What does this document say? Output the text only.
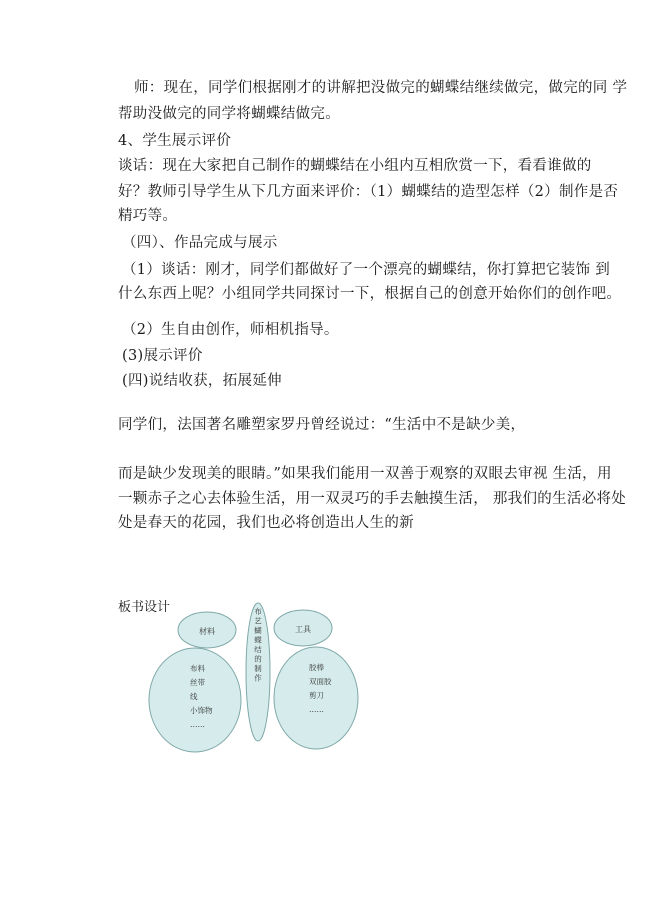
师：现在，同学们根据刚才的讲解把没做完的蝴蝶结继续做完，做完的同 学
帮助没做完的同学将蝴蝶结做完。
4、学生展示评价
谈话：现在大家把自己制作的蝴蝶结在小组内互相欣赏一下，看看谁做的
好？教师引导学生从下几方面来评价：（1）蝴蝶结的造型怎样（2）制作是否
精巧等。
（四）、作品完成与展示
（1）谈话：刚才，同学们都做好了一个漂亮的蝴蝶结，你打算把它装饰 到
什么东西上呢？小组同学共同探讨一下，根据自己的创意开始你们的创作吧。
（2）生自由创作，师相机指导。
(3)展示评价
(四)说结收获，拓展延伸
同学们，法国著名雕塑家罗丹曾经说过：“生活中不是缺少美，
而是缺少发现美的眼睛。”如果我们能用一双善于观察的双眼去审视 生活，用
一颗赤子之心去体验生活，用一双灵巧的手去触摸生活， 那我们的生活必将处
处是春天的花园，我们也必将创造出人生的新
板书设计
材料	工具
布
艺
蝴
蝶
结
的
制
作
布料
丝带
线
小饰物
……
胶棒
双面胶
剪刀
……
